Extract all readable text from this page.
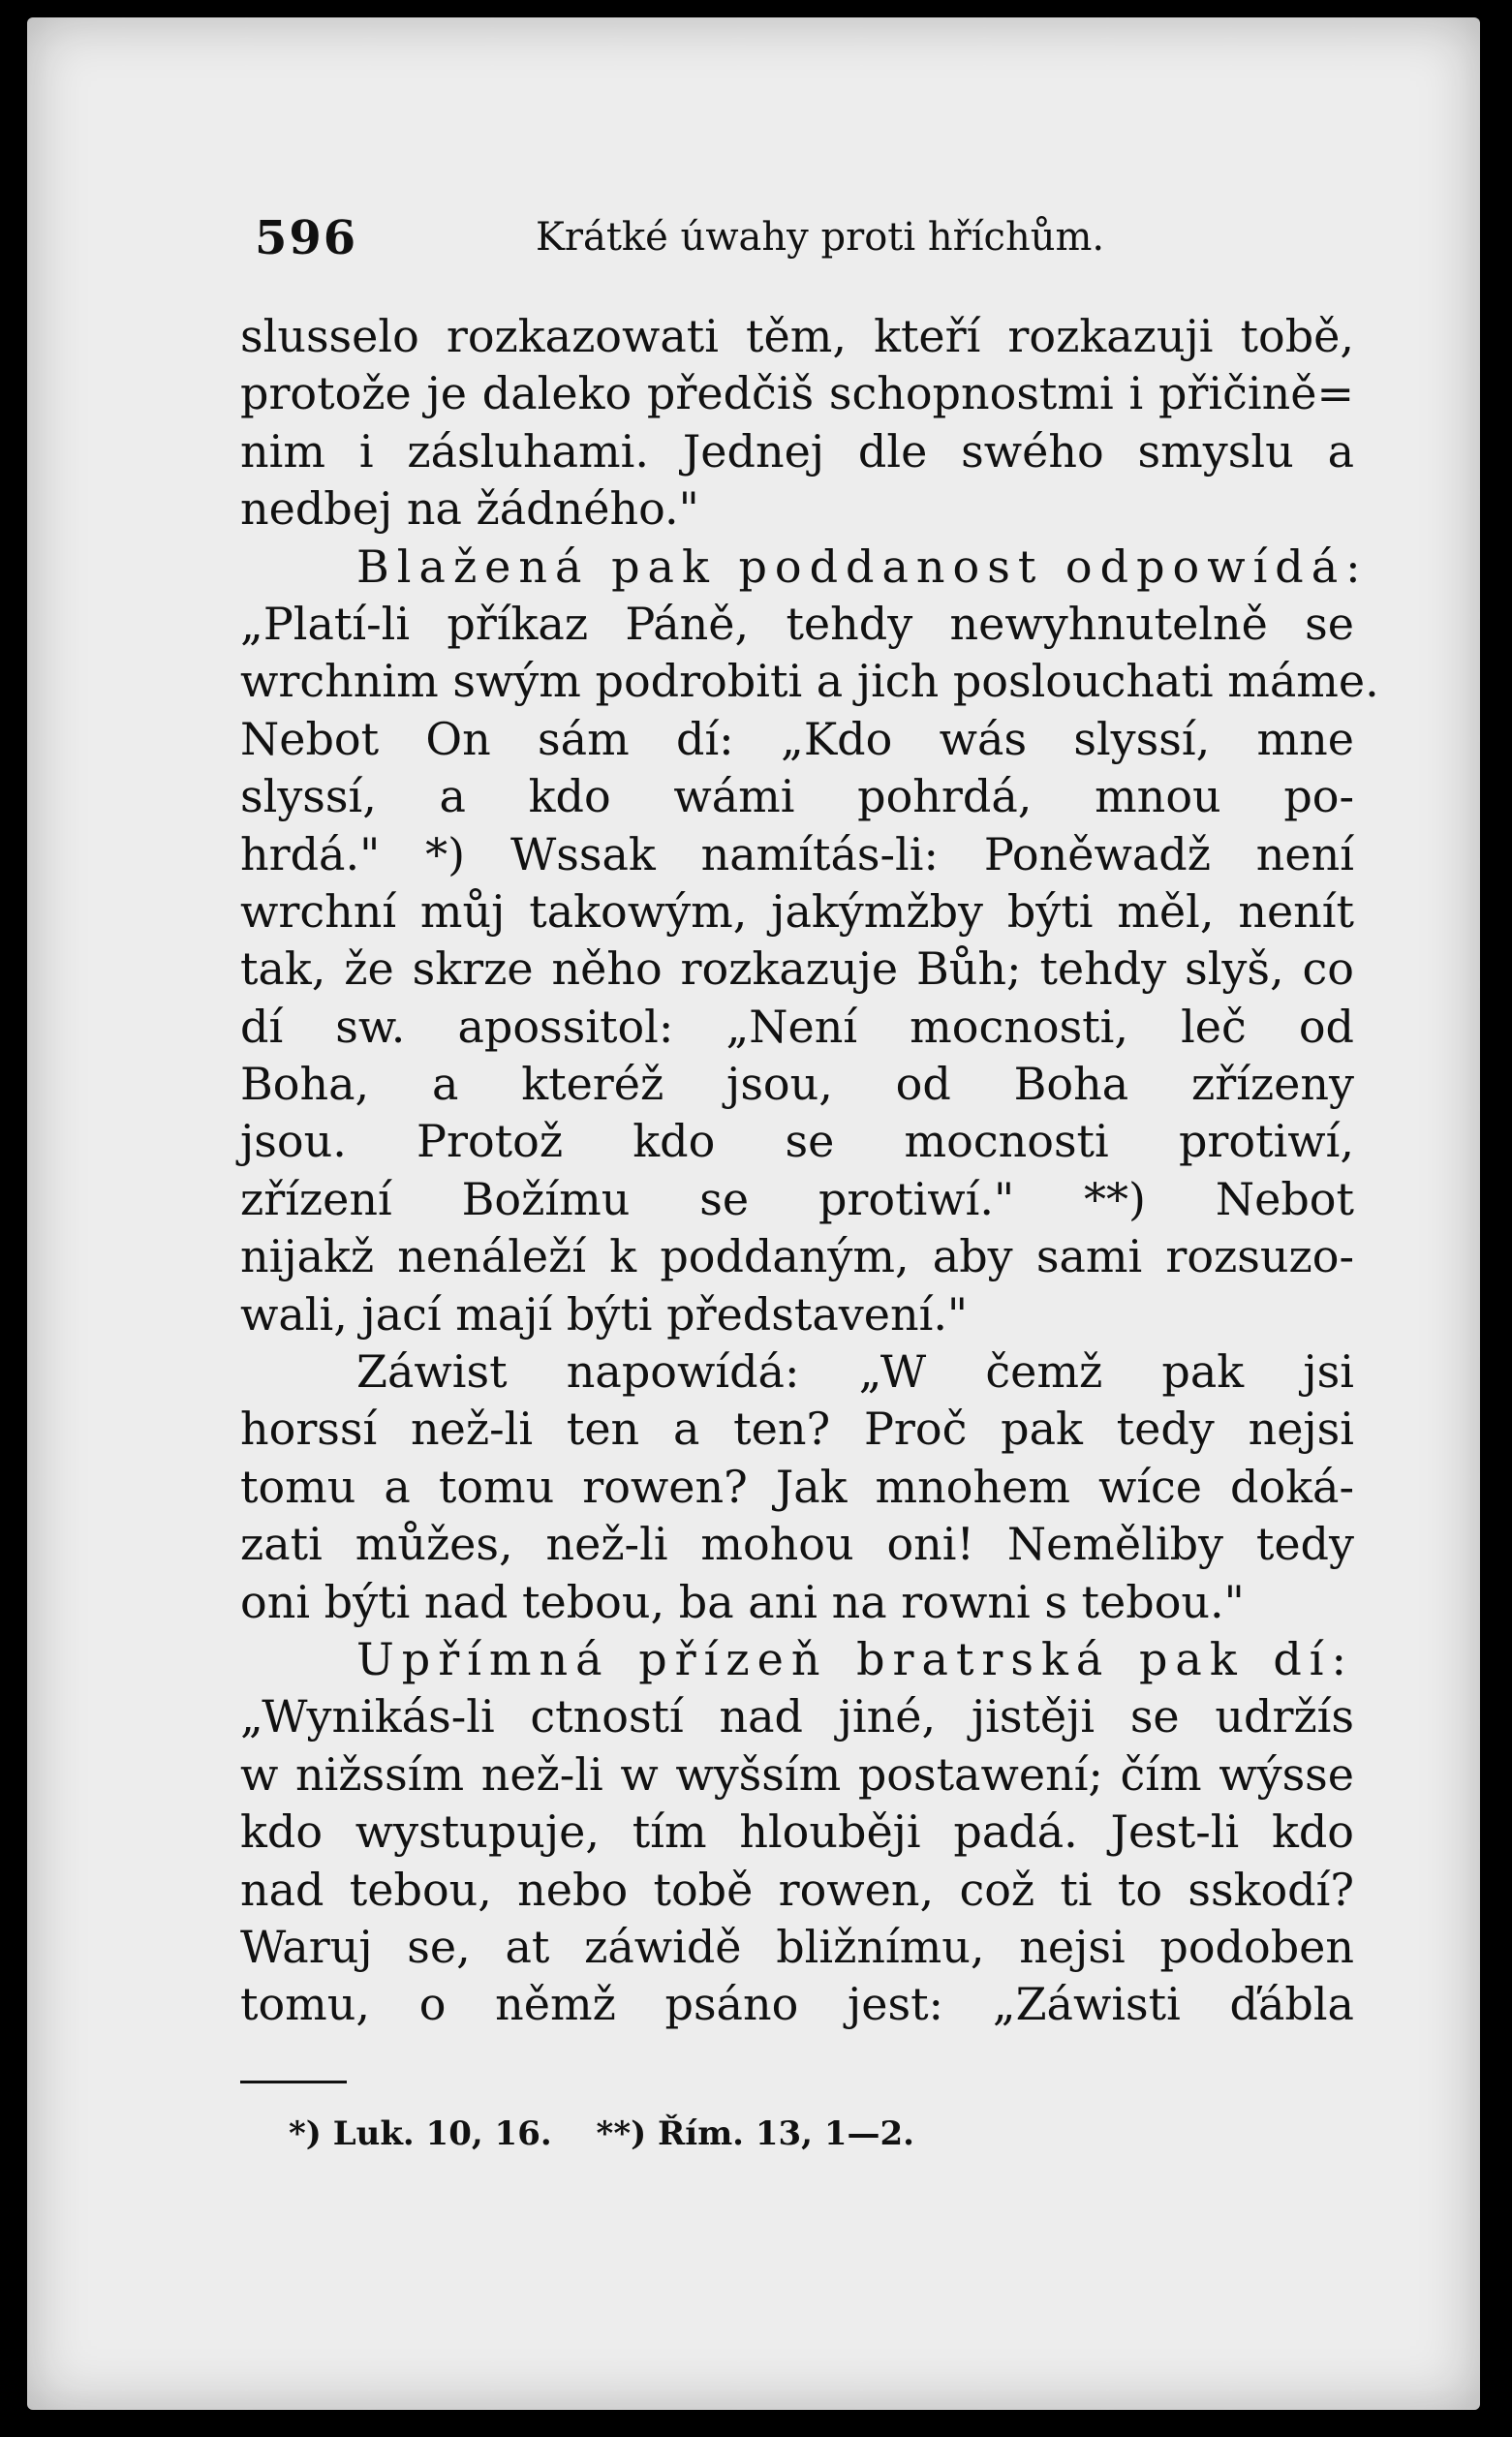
596	Krátké úwahy proti hříchům.
slusselo rozkazowati těm, kteří rozkazuji tobě,
protože je daleko předčiš schopnostmi i přičině=
nim i zásluhami. Jednej dle swého smyslu a
nedbej na žádného."
Blažená pak poddanost odpowídá:
„Platí-li příkaz Páně, tehdy newyhnutelně se
wrchnim swým podrobiti a jich poslouchati máme.
Nebot On sám dí: „Kdo wás slyssí, mne
slyssí, a kdo wámi pohrdá, mnou po-
hrdá." *) Wssak namítás-li: Poněwadž není
wrchní můj takowým, jakýmžby býti měl, nenít
tak, že skrze něho rozkazuje Bůh; tehdy slyš, co
dí sw. apossitol: „Není mocnosti, leč od
Boha, a kteréž jsou, od Boha zřízeny
jsou. Protož kdo se mocnosti protiwí,
zřízení Božímu se protiwí." **) Nebot
nijakž nenáleží k poddaným, aby sami rozsuzo-
wali, jací mají býti představení."
Záwist napowídá: „W čemž pak jsi
horssí než-li ten a ten? Proč pak tedy nejsi
tomu a tomu rowen? Jak mnohem wíce doká-
zati můžes, než-li mohou oni! Neměliby tedy
oni býti nad tebou, ba ani na rowni s tebou."
Upřímná přízeň bratrská pak dí:
„Wynikás-li ctností nad jiné, jistěji se udržís
w nižssím než-li w wyšsím postawení; čím wýsse
kdo wystupuje, tím hlouběji padá. Jest-li kdo
nad tebou, nebo tobě rowen, což ti to sskodí?
Waruj se, at záwidě bližnímu, nejsi podoben
tomu, o němž psáno jest: „Záwisti ďábla
*) Luk. 10, 16. **) Řím. 13, 1—2.
